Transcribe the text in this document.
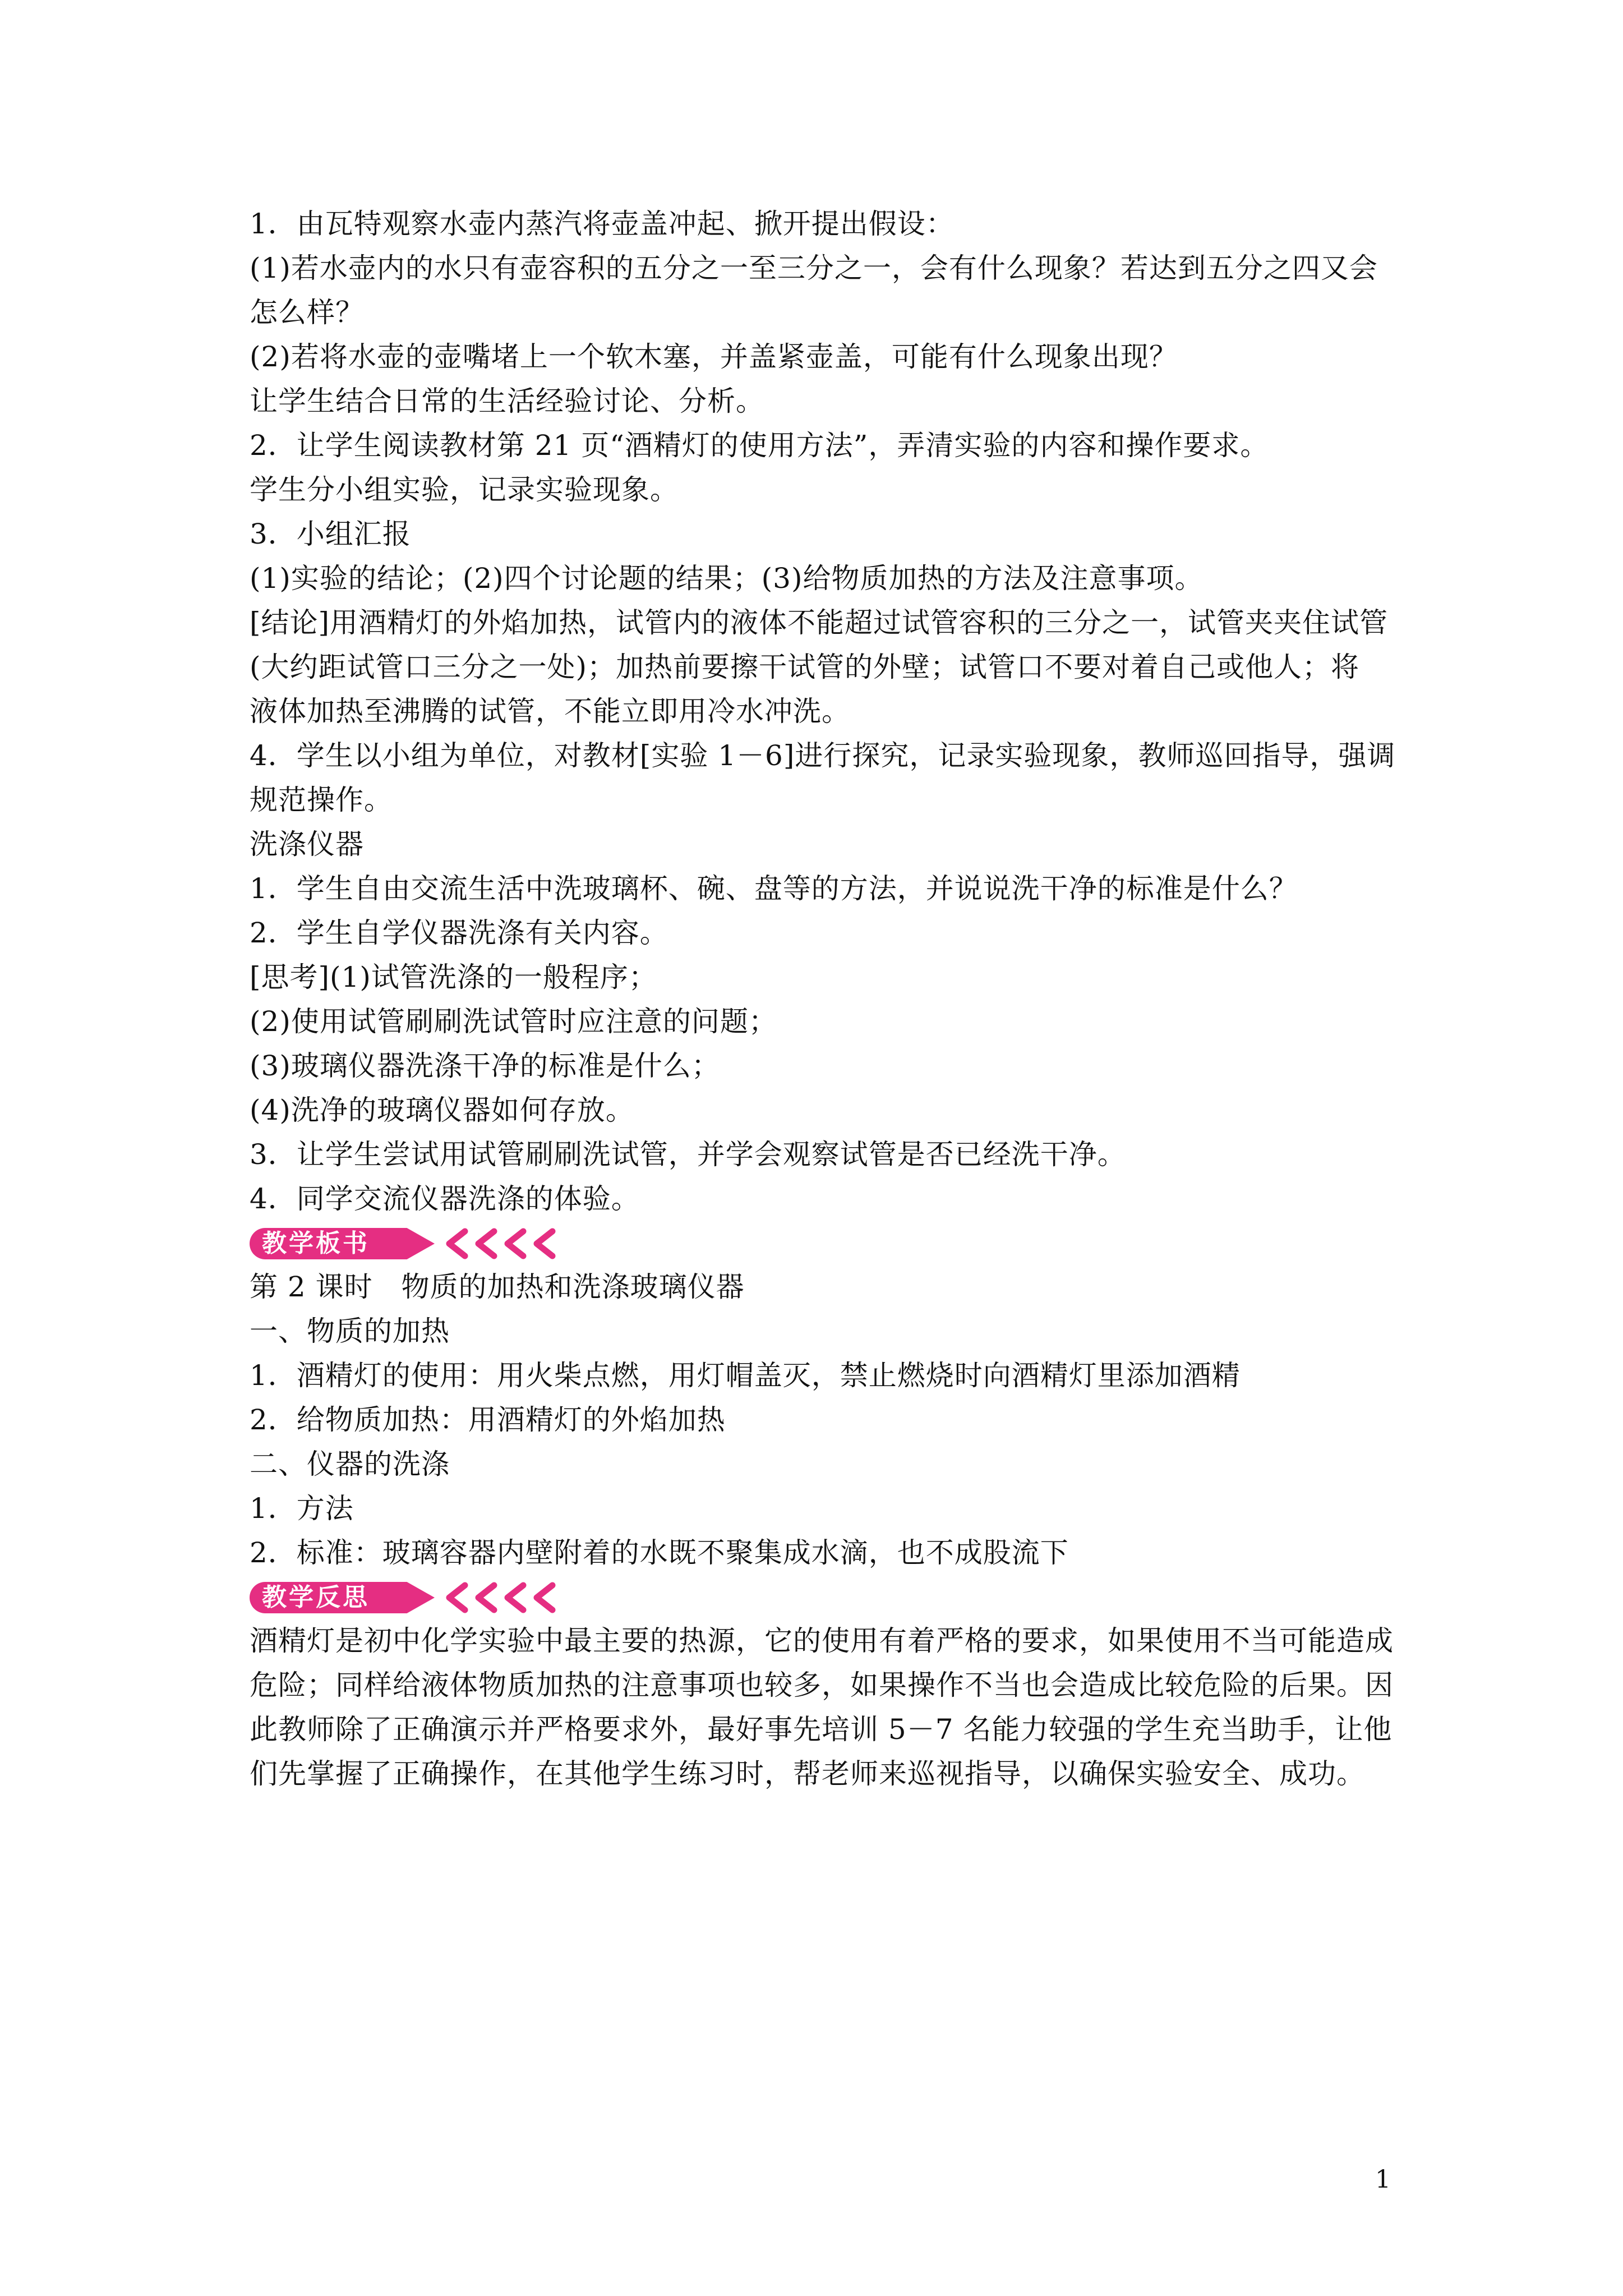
1．由瓦特观察水壶内蒸汽将壶盖冲起、掀开提出假设：
(1)若水壶内的水只有壶容积的五分之一至三分之一，会有什么现象？若达到五分之四又会
怎么样？
(2)若将水壶的壶嘴堵上一个软木塞，并盖紧壶盖，可能有什么现象出现？
让学生结合日常的生活经验讨论、分析。
2．让学生阅读教材第 21 页“酒精灯的使用方法”，弄清实验的内容和操作要求。
学生分小组实验，记录实验现象。
3．小组汇报
(1)实验的结论；(2)四个讨论题的结果；(3)给物质加热的方法及注意事项。
[结论]用酒精灯的外焰加热，试管内的液体不能超过试管容积的三分之一，试管夹夹住试管
(大约距试管口三分之一处)；加热前要擦干试管的外壁；试管口不要对着自己或他人；将
液体加热至沸腾的试管，不能立即用冷水冲洗。
4．学生以小组为单位，对教材[实验 1－6]进行探究，记录实验现象，教师巡回指导，强调
规范操作。
洗涤仪器
1．学生自由交流生活中洗玻璃杯、碗、盘等的方法，并说说洗干净的标准是什么？
2．学生自学仪器洗涤有关内容。
[思考](1)试管洗涤的一般程序；
(2)使用试管刷刷洗试管时应注意的问题；
(3)玻璃仪器洗涤干净的标准是什么；
(4)洗净的玻璃仪器如何存放。
3．让学生尝试用试管刷刷洗试管，并学会观察试管是否已经洗干净。
4．同学交流仪器洗涤的体验。
教学板书
第 2 课时　物质的加热和洗涤玻璃仪器
一、物质的加热
1．酒精灯的使用：用火柴点燃，用灯帽盖灭，禁止燃烧时向酒精灯里添加酒精
2．给物质加热：用酒精灯的外焰加热
二、仪器的洗涤
1．方法
2．标准：玻璃容器内壁附着的水既不聚集成水滴，也不成股流下
教学反思
酒精灯是初中化学实验中最主要的热源，它的使用有着严格的要求，如果使用不当可能造成
危险；同样给液体物质加热的注意事项也较多，如果操作不当也会造成比较危险的后果。因
此教师除了正确演示并严格要求外，最好事先培训 5－7 名能力较强的学生充当助手，让他
们先掌握了正确操作，在其他学生练习时，帮老师来巡视指导，以确保实验安全、成功。
1
